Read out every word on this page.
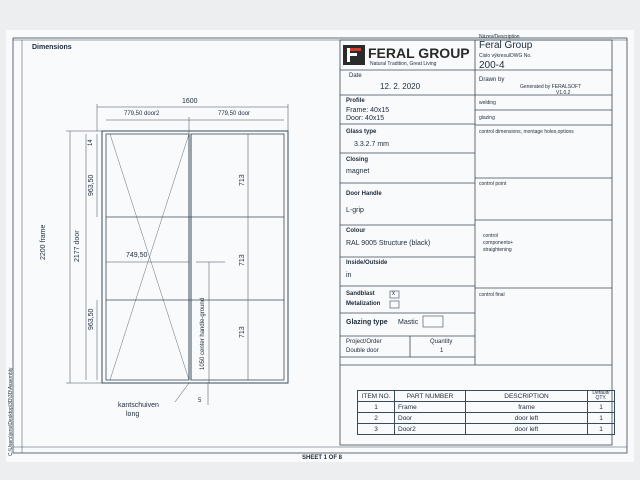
Dimensions
1600
779,50 door2	779,50 door
2200 frame	2177 door
14
963,50
963,50
749,50
713
713
713
1050 center handle-ground
5
kantschuiven
long
FERAL GROUP
Natural Tradition, Great Living
Název/Description
Feral Group
Cislo výkresu/DWG No.
200-4
Date
12. 2. 2020
Drawn by
Generated by FERALSOFT
V1.0.2
Profile
Frame: 40x15
Door: 40x15
Glass type
3.3.2.7 mm
Closing
magnet
Door Handle
L-grip
Colour
RAL 9005 Structure (black)
Inside/Outside
in
Sandblast	x
Metalization
Glazing type Mastic
Project/Order
Double door
Quantity
1
welding
glazing
control dimensions, montage holes,options
control point
control
components+
straightening
control final
ITEM NO.	PART NUMBER	DESCRIPTION	Default/ QTY.
1	Frame	frame	1
2	Door	door left	1
3	Door2	door left	1
SHEET 1 OF 8
C:\Users\jens\Desktop\3D\3D\Assembly
